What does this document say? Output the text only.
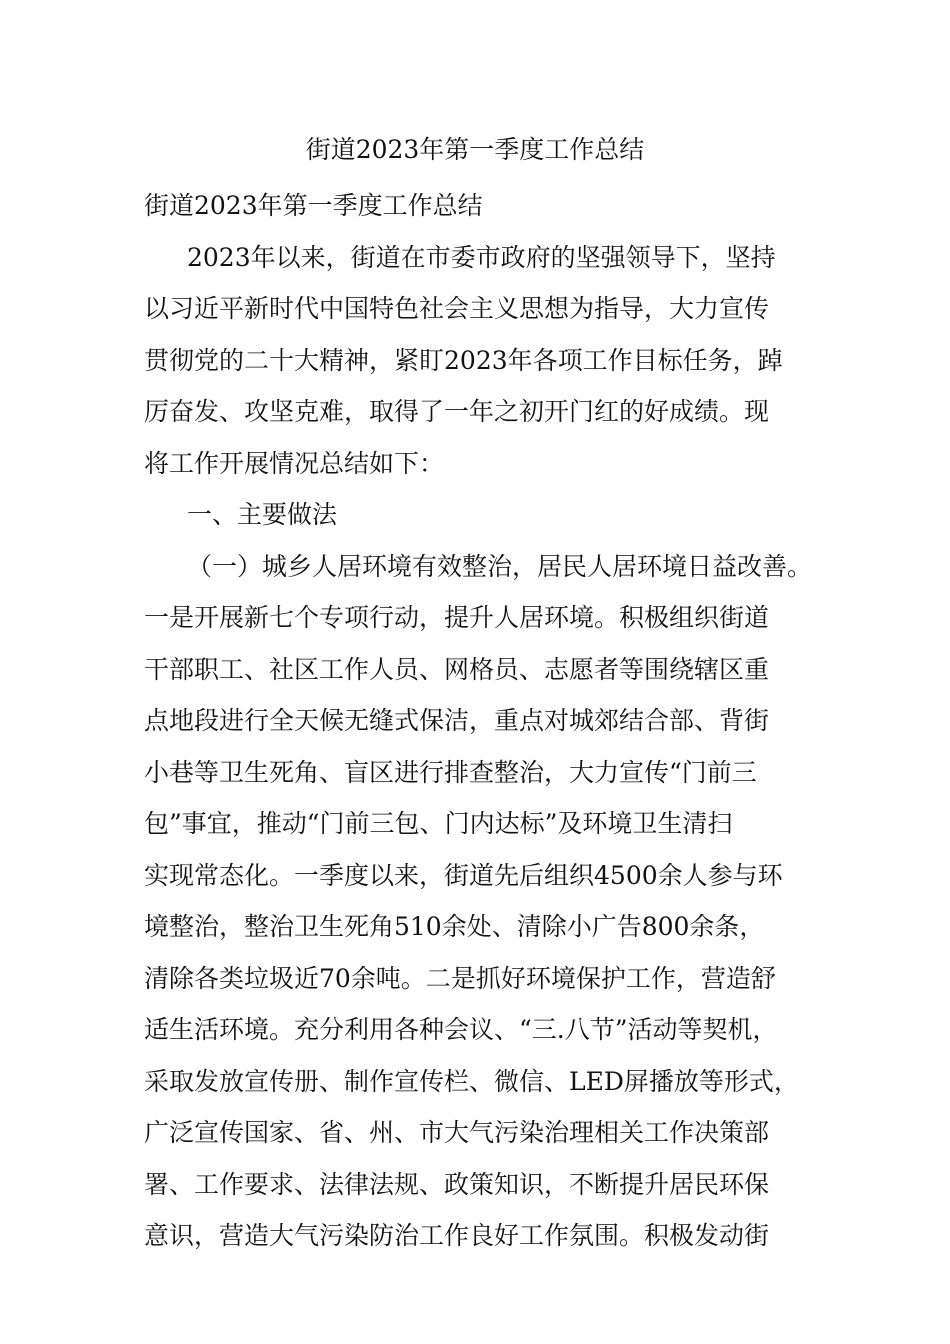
街道2023年第一季度工作总结
街道2023年第一季度工作总结
2023年以来，街道在市委市政府的坚强领导下，坚持
以习近平新时代中国特色社会主义思想为指导，大力宣传
贯彻党的二十大精神，紧盯2023年各项工作目标任务，踔
厉奋发、攻坚克难，取得了一年之初开门红的好成绩。现
将工作开展情况总结如下：
一、主要做法
（一）城乡人居环境有效整治，居民人居环境日益改善。
一是开展新七个专项行动，提升人居环境。积极组织街道
干部职工、社区工作人员、网格员、志愿者等围绕辖区重
点地段进行全天候无缝式保洁，重点对城郊结合部、背街
小巷等卫生死角、盲区进行排查整治，大力宣传“门前三
包”事宜，推动“门前三包、门内达标”及环境卫生清扫
实现常态化。一季度以来，街道先后组织4500余人参与环
境整治，整治卫生死角510余处、清除小广告800余条，
清除各类垃圾近70余吨。二是抓好环境保护工作，营造舒
适生活环境。充分利用各种会议、“三.八节”活动等契机，
采取发放宣传册、制作宣传栏、微信、LED屏播放等形式，
广泛宣传国家、省、州、市大气污染治理相关工作决策部
署、工作要求、法律法规、政策知识，不断提升居民环保
意识，营造大气污染防治工作良好工作氛围。积极发动街
